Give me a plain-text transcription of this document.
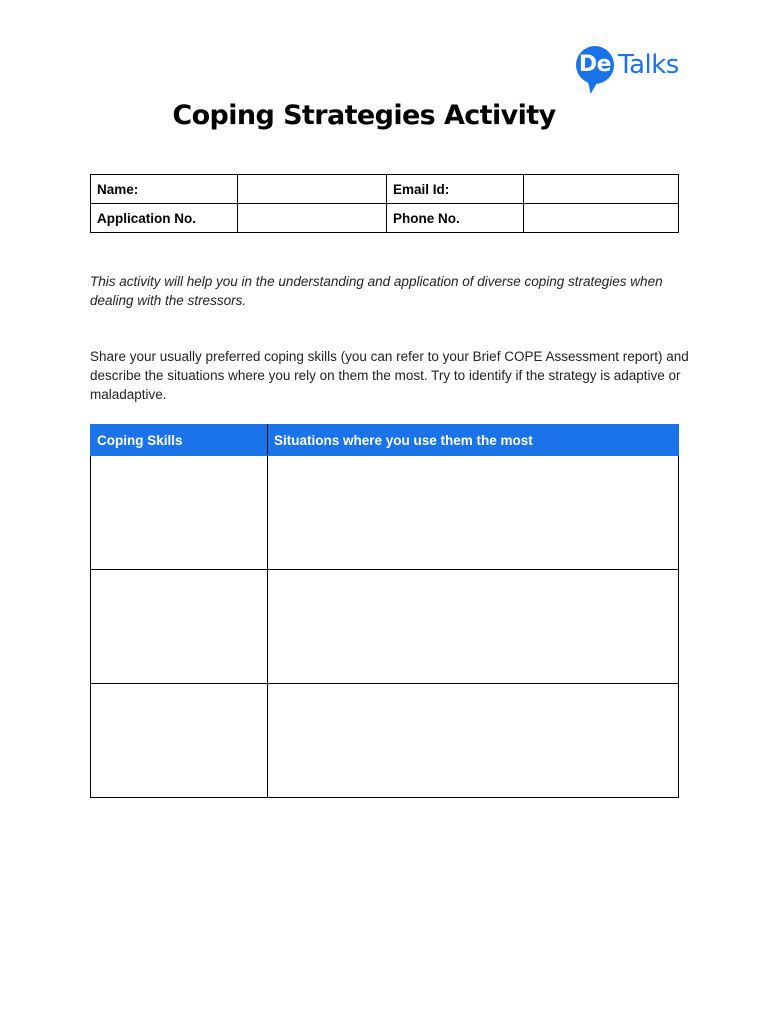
De Talks
Coping Strategies Activity
Name:		Email Id:	
Application No.		Phone No.	
This activity will help you in the understanding and application of diverse coping strategies when dealing with the stressors.
Share your usually preferred coping skills (you can refer to your Brief COPE Assessment report) and describe the situations where you rely on them the most. Try to identify if the strategy is adaptive or maladaptive.
Coping Skills	Situations where you use them the most
